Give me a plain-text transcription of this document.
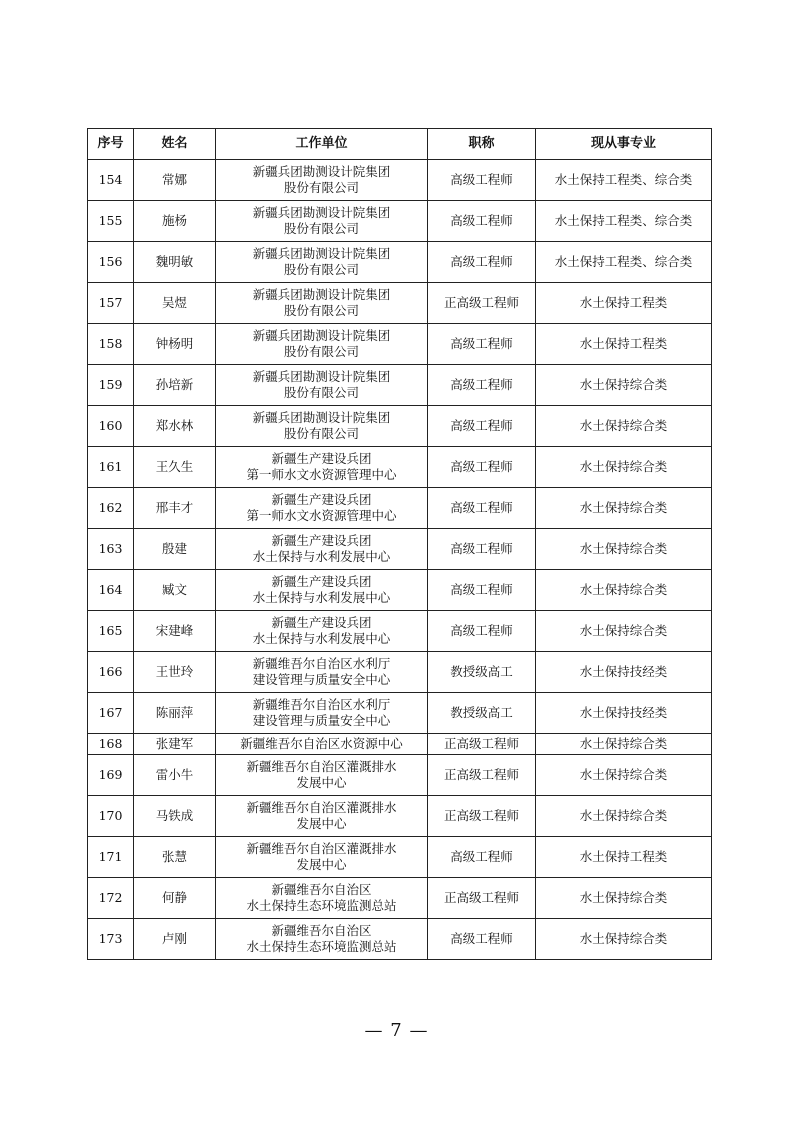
序号	姓名	工作单位	职称	现从事专业
154	常娜	新疆兵团勘测设计院集团
股份有限公司	高级工程师	水土保持工程类、综合类
155	施杨	新疆兵团勘测设计院集团
股份有限公司	高级工程师	水土保持工程类、综合类
156	魏明敏	新疆兵团勘测设计院集团
股份有限公司	高级工程师	水土保持工程类、综合类
157	吴煜	新疆兵团勘测设计院集团
股份有限公司	正高级工程师	水土保持工程类
158	钟杨明	新疆兵团勘测设计院集团
股份有限公司	高级工程师	水土保持工程类
159	孙培新	新疆兵团勘测设计院集团
股份有限公司	高级工程师	水土保持综合类
160	郑水林	新疆兵团勘测设计院集团
股份有限公司	高级工程师	水土保持综合类
161	王久生	新疆生产建设兵团
第一师水文水资源管理中心	高级工程师	水土保持综合类
162	邢丰才	新疆生产建设兵团
第一师水文水资源管理中心	高级工程师	水土保持综合类
163	殷建	新疆生产建设兵团
水土保持与水利发展中心	高级工程师	水土保持综合类
164	臧文	新疆生产建设兵团
水土保持与水利发展中心	高级工程师	水土保持综合类
165	宋建峰	新疆生产建设兵团
水土保持与水利发展中心	高级工程师	水土保持综合类
166	王世玲	新疆维吾尔自治区水利厅
建设管理与质量安全中心	教授级高工	水土保持技经类
167	陈丽萍	新疆维吾尔自治区水利厅
建设管理与质量安全中心	教授级高工	水土保持技经类
168	张建军	新疆维吾尔自治区水资源中心	正高级工程师	水土保持综合类
169	雷小牛	新疆维吾尔自治区灌溉排水
发展中心	正高级工程师	水土保持综合类
170	马铁成	新疆维吾尔自治区灌溉排水
发展中心	正高级工程师	水土保持综合类
171	张慧	新疆维吾尔自治区灌溉排水
发展中心	高级工程师	水土保持工程类
172	何静	新疆维吾尔自治区
水土保持生态环境监测总站	正高级工程师	水土保持综合类
173	卢刚	新疆维吾尔自治区
水土保持生态环境监测总站	高级工程师	水土保持综合类
— 7 —
